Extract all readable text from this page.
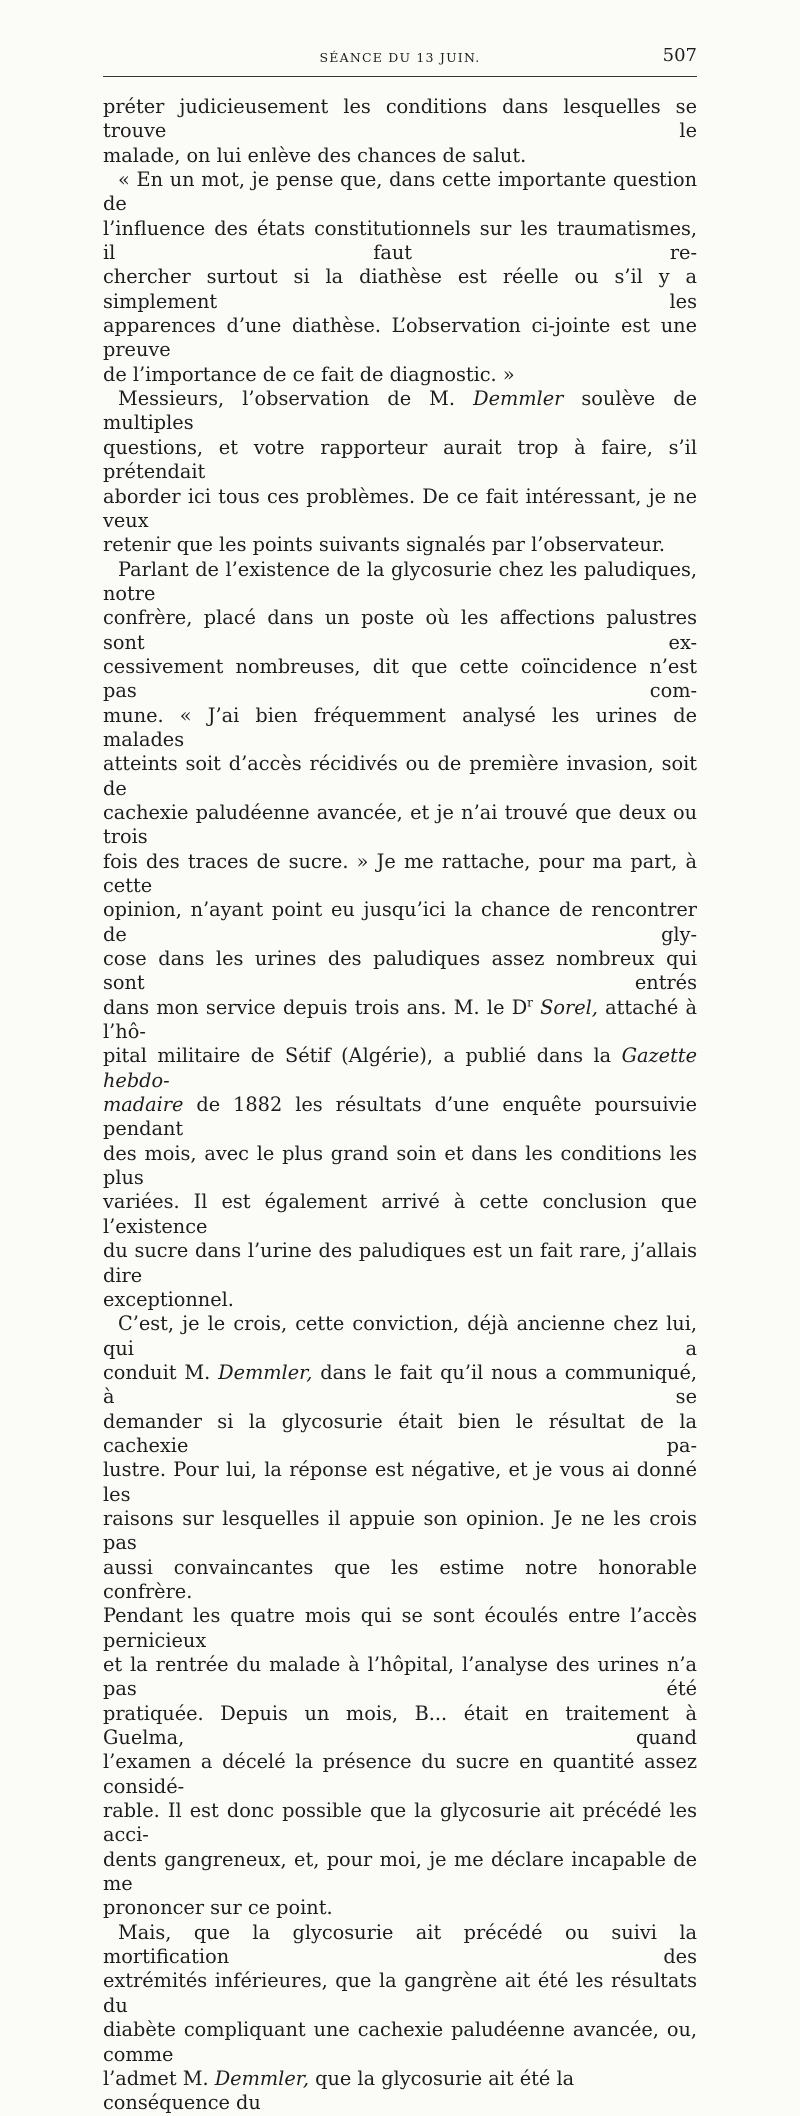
SÉANCE DU 13 JUIN.	507

préter judicieusement les conditions dans lesquelles se trouve le
malade, on lui enlève des chances de salut.

« En un mot, je pense que, dans cette importante question de
l’influence des états constitutionnels sur les traumatismes, il faut re-
chercher surtout si la diathèse est réelle ou s’il y a simplement les
apparences d’une diathèse. L’observation ci-jointe est une preuve
de l’importance de ce fait de diagnostic. »

Messieurs, l’observation de M. Demmler soulève de multiples
questions, et votre rapporteur aurait trop à faire, s’il prétendait
aborder ici tous ces problèmes. De ce fait intéressant, je ne veux
retenir que les points suivants signalés par l’observateur.

Parlant de l’existence de la glycosurie chez les paludiques, notre
confrère, placé dans un poste où les affections palustres sont ex-
cessivement nombreuses, dit que cette coïncidence n’est pas com-
mune. « J’ai bien fréquemment analysé les urines de malades
atteints soit d’accès récidivés ou de première invasion, soit de
cachexie paludéenne avancée, et je n’ai trouvé que deux ou trois
fois des traces de sucre. » Je me rattache, pour ma part, à cette
opinion, n’ayant point eu jusqu’ici la chance de rencontrer de gly-
cose dans les urines des paludiques assez nombreux qui sont entrés
dans mon service depuis trois ans. M. le $D^r$ Sorel, attaché à l’hô-
pital militaire de Sétif (Algérie), a publié dans la Gazette hebdo-
madaire de 1882 les résultats d’une enquête poursuivie pendant
des mois, avec le plus grand soin et dans les conditions les plus
variées. Il est également arrivé à cette conclusion que l’existence
du sucre dans l’urine des paludiques est un fait rare, j’allais dire
exceptionnel.

C’est, je le crois, cette conviction, déjà ancienne chez lui, qui a
conduit M. Demmler, dans le fait qu’il nous a communiqué, à se
demander si la glycosurie était bien le résultat de la cachexie pa-
lustre. Pour lui, la réponse est négative, et je vous ai donné les
raisons sur lesquelles il appuie son opinion. Je ne les crois pas
aussi convaincantes que les estime notre honorable confrère.
Pendant les quatre mois qui se sont écoulés entre l’accès pernicieux
et la rentrée du malade à l’hôpital, l’analyse des urines n’a pas été
pratiquée. Depuis un mois, B... était en traitement à Guelma, quand
l’examen a décelé la présence du sucre en quantité assez considé-
rable. Il est donc possible que la glycosurie ait précédé les acci-
dents gangreneux, et, pour moi, je me déclare incapable de me
prononcer sur ce point.

Mais, que la glycosurie ait précédé ou suivi la mortification des
extrémités inférieures, que la gangrène ait été les résultats du
diabète compliquant une cachexie paludéenne avancée, ou, comme
l’admet M. Demmler, que la glycosurie ait été la conséquence du
